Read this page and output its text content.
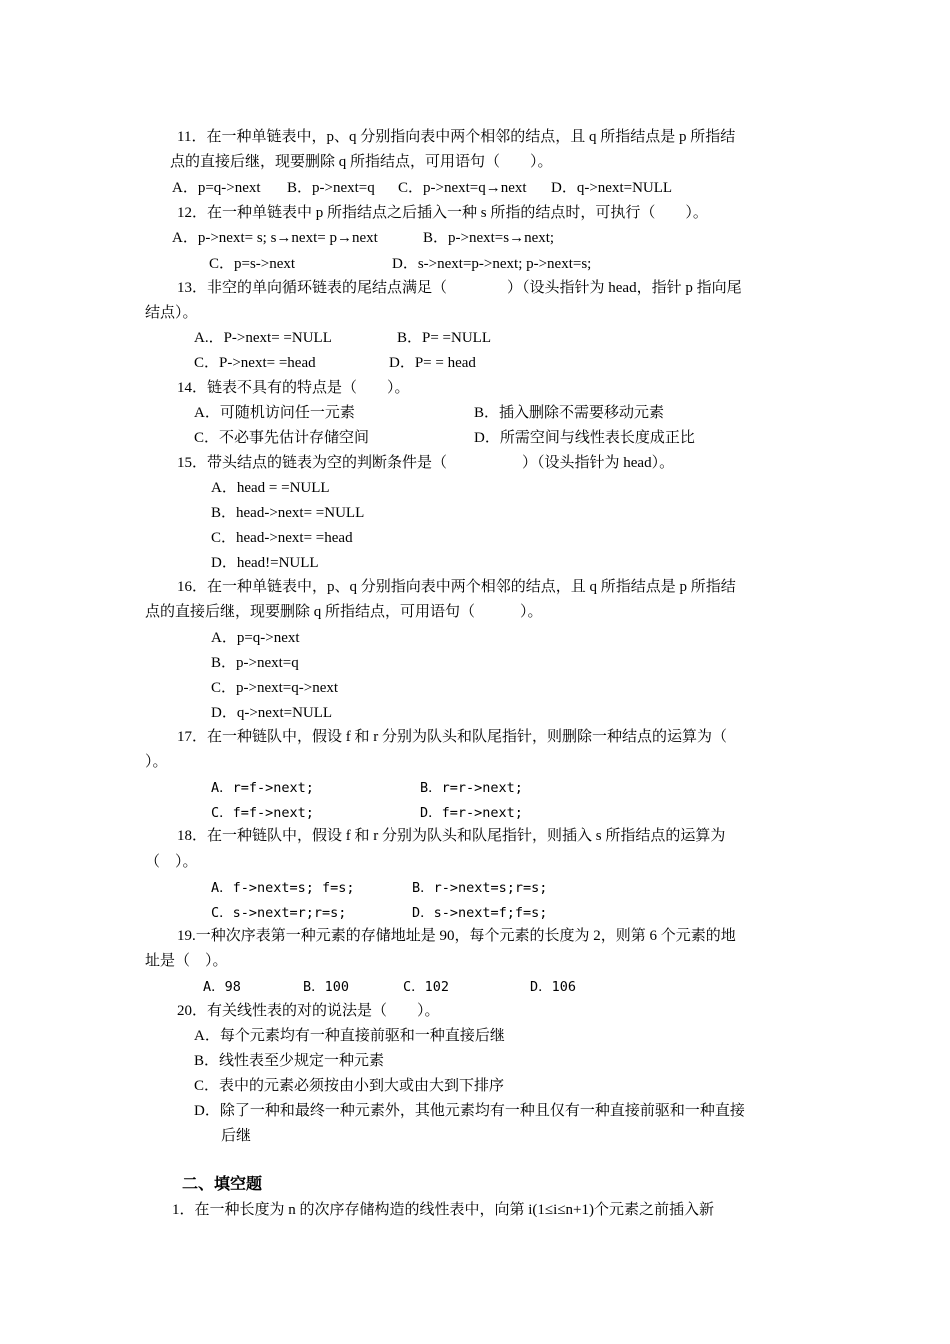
11．在一种单链表中，p、q 分别指向表中两个相邻的结点，且 q 所指结点是 p 所指结
点的直接后继，现要删除 q 所指结点，可用语句（　　）。
A．p=q->next B．p->next=q C．p->next=q→next D．q->next=NULL
12．在一种单链表中 p 所指结点之后插入一种 s 所指的结点时，可执行（　　）。
A．p->next= s; s→next= p→next	B．p->next=s→next;
C．p=s->next	D．s->next=p->next; p->next=s;
13．非空的单向循环链表的尾结点满足（　　　　）（设头指针为 head，指针 p 指向尾
结点）。
A.．P->next= =NULL	B．P= =NULL
C．P->next= =head	D．P= = head
14．链表不具有的特点是（　　）。
A．可随机访问任一元素	B．插入删除不需要移动元素
C．不必事先估计存储空间	D．所需空间与线性表长度成正比
15．带头结点的链表为空的判断条件是（　　　　　）（设头指针为 head）。
A．head = =NULL
B．head->next= =NULL
C．head->next= =head
D．head!=NULL
16．在一种单链表中，p、q 分别指向表中两个相邻的结点，且 q 所指结点是 p 所指结
点的直接后继，现要删除 q 所指结点，可用语句（　　　）。
A．p=q->next
B．p->next=q
C．p->next=q->next
D．q->next=NULL
17．在一种链队中，假设 f 和 r 分别为队头和队尾指针，则删除一种结点的运算为（
）。
A．r=f->next;	B．r=r->next;
C．f=f->next;	D．f=r->next;
18．在一种链队中，假设 f 和 r 分别为队头和队尾指针，则插入 s 所指结点的运算为
（　）。
A．f->next=s; f=s;	B．r->next=s;r=s;
C．s->next=r;r=s;	D．s->next=f;f=s;
19.一种次序表第一种元素的存储地址是 90，每个元素的长度为 2，则第 6 个元素的地
址是（　）。
A．98	B．100	C．102	D．106
20．有关线性表的对的说法是（　　）。
A．每个元素均有一种直接前驱和一种直接后继
B．线性表至少规定一种元素
C．表中的元素必须按由小到大或由大到下排序
D．除了一种和最终一种元素外，其他元素均有一种且仅有一种直接前驱和一种直接
后继
二、填空题
1．在一种长度为 n 的次序存储构造的线性表中，向第 i(1≤i≤n+1)个元素之前插入新
